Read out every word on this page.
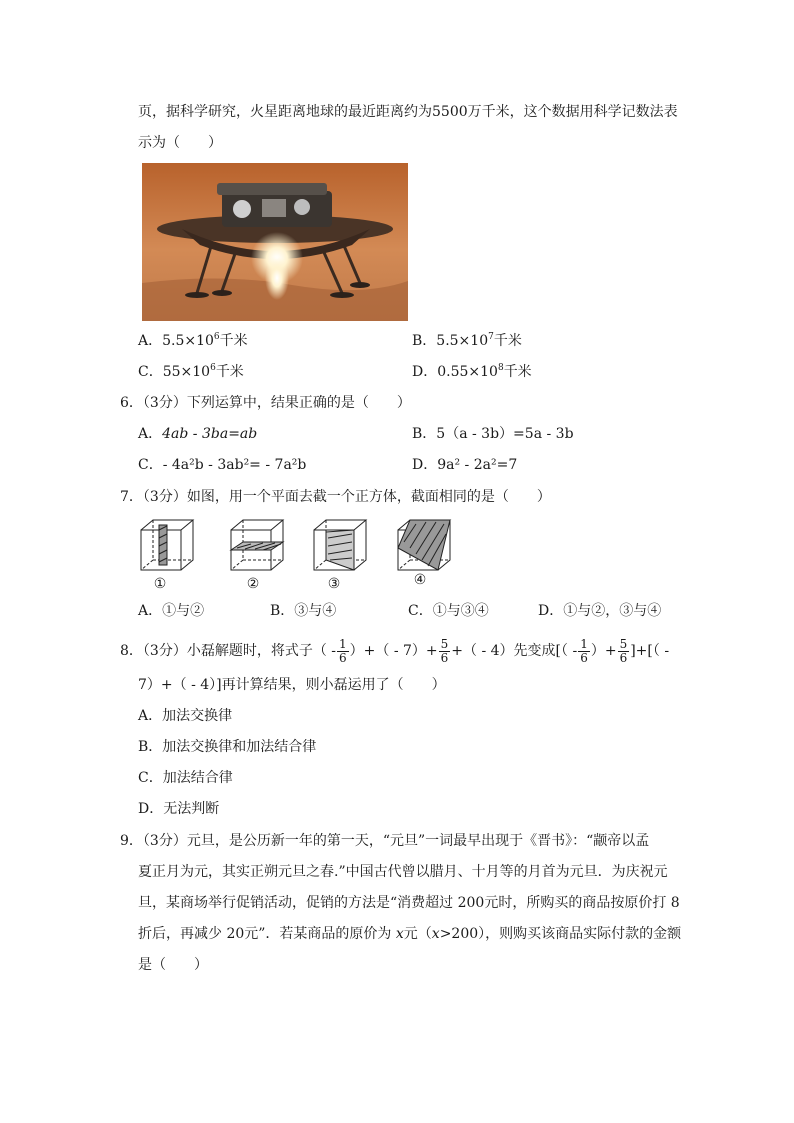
页，据科学研究，火星距离地球的最近距离约为5500万千米，这个数据用科学记数法表
示为（　　）
A．$5.5\times 10^6$千米	B．$5.5\times 10^7$千米
C．$55\times 10^6$千米	D．$0.55\times 10^8$千米
6．（3分）下列运算中，结果正确的是（　　）
A．4ab - 3ba=ab	B．5（a - 3b）=5a - 3b
C．- 4a²b - 3ab²= - 7a²b	D．9a² - 2a²=7
7．（3分）如图，用一个平面去截一个正方体，截面相同的是（　　）
①	②	③	④
A．①与②	B．③与④	C．①与③④	D．①与②，③与④
8．（3分）小磊解题时，将式子（ - $\frac{1}{6}$ ）+（ - $7)+ \frac{5}{6}$ +（ - 4）先变成[（ - $\frac{1}{6}$ ）+ $\frac{5}{6}$ ]+[（ -
7）+（ - 4）]再计算结果，则小磊运用了（　　）
A．加法交换律
B．加法交换律和加法结合律
C．加法结合律
D．无法判断
9．（3分）元旦，是公历新一年的第一天，“元旦”一词最早出现于《晋书》：“颛帝以孟
夏正月为元，其实正朔元旦之春.”中国古代曾以腊月、十月等的月首为元旦．为庆祝元
旦，某商场举行促销活动，促销的方法是“消费超过 200元时，所购买的商品按原价打 8
折后，再减少 20元”．若某商品的原价为 x元（x>200），则购买该商品实际付款的金额
是（　　）
